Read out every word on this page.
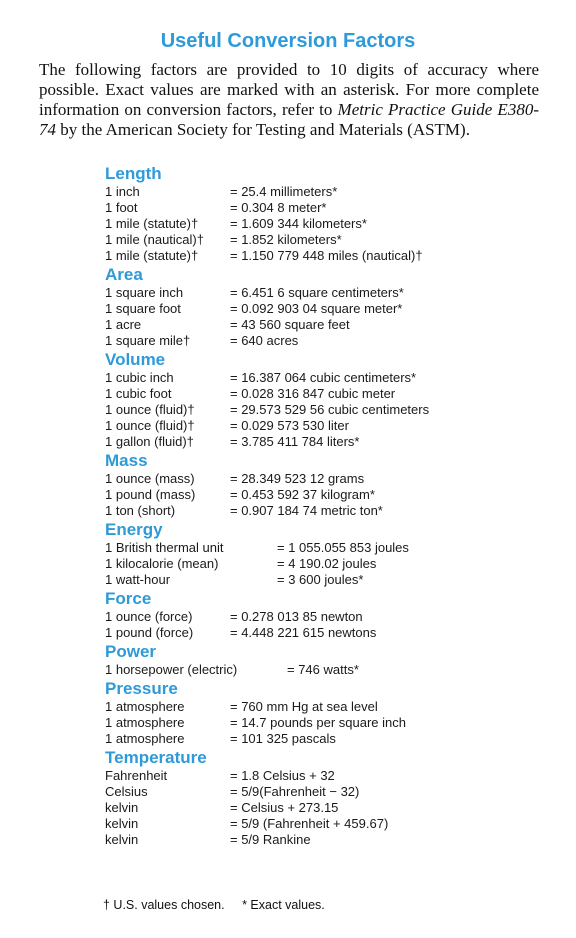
Useful Conversion Factors
The following factors are provided to 10 digits of accuracy where possible. Exact values are marked with an asterisk. For more complete information on conversion factors, refer to Metric Practice Guide E380-74 by the American Society for Testing and Materials (ASTM).
Length
1 inch	= 25.4 millimeters*
1 foot	= 0.304 8 meter*
1 mile (statute)†	= 1.609 344 kilometers*
1 mile (nautical)†	= 1.852 kilometers*
1 mile (statute)†	= 1.150 779 448 miles (nautical)†
Area
1 square inch	= 6.451 6 square centimeters*
1 square foot	= 0.092 903 04 square meter*
1 acre	= 43 560 square feet
1 square mile†	= 640 acres
Volume
1 cubic inch	= 16.387 064 cubic centimeters*
1 cubic foot	= 0.028 316 847 cubic meter
1 ounce (fluid)†	= 29.573 529 56 cubic centimeters
1 ounce (fluid)†	= 0.029 573 530 liter
1 gallon (fluid)†	= 3.785 411 784 liters*
Mass
1 ounce (mass)	= 28.349 523 12 grams
1 pound (mass)	= 0.453 592 37 kilogram*
1 ton (short)	= 0.907 184 74 metric ton*
Energy
1 British thermal unit	= 1 055.055 853 joules
1 kilocalorie (mean)	= 4 190.02 joules
1 watt-hour	= 3 600 joules*
Force
1 ounce (force)	= 0.278 013 85 newton
1 pound (force)	= 4.448 221 615 newtons
Power
1 horsepower (electric)	= 746 watts*
Pressure
1 atmosphere	= 760 mm Hg at sea level
1 atmosphere	= 14.7 pounds per square inch
1 atmosphere	= 101 325 pascals
Temperature
Fahrenheit	= 1.8 Celsius + 32
Celsius	= 5/9(Fahrenheit − 32)
kelvin	= Celsius + 273.15
kelvin	= 5/9 (Fahrenheit + 459.67)
kelvin	= 5/9 Rankine
† U.S. values chosen. * Exact values.
